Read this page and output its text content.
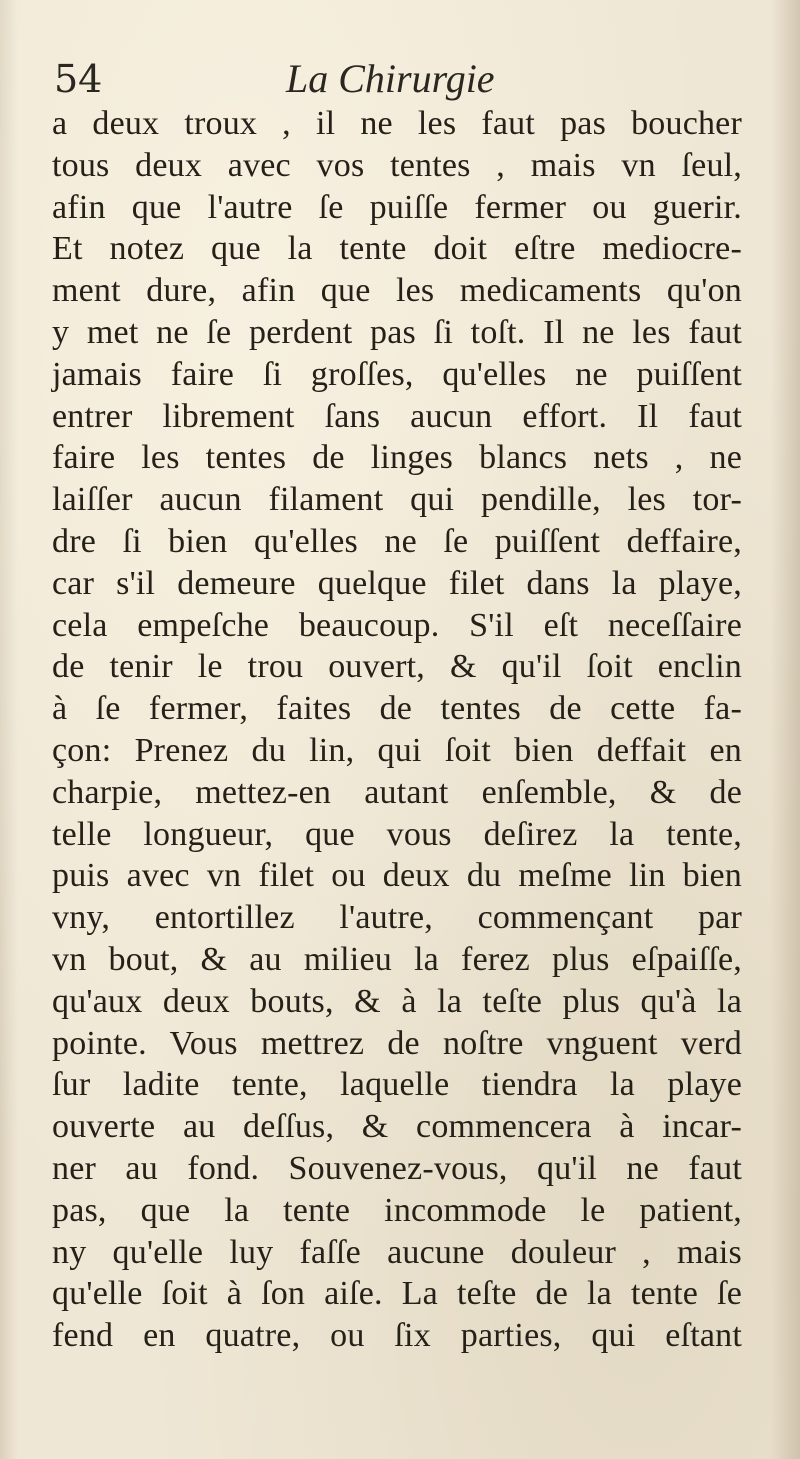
54	La Chirurgie
a deux troux , il ne les faut pas boucher
tous deux avec vos tentes , mais vn ſeul,
afin que l'autre ſe puiſſe fermer ou guerir.
Et notez que la tente doit eſtre mediocre-
ment dure, afin que les medicaments qu'on
y met ne ſe perdent pas ſi toſt. Il ne les faut
jamais faire ſi groſſes, qu'elles ne puiſſent
entrer librement ſans aucun effort. Il faut
faire les tentes de linges blancs nets , ne
laiſſer aucun filament qui pendille, les tor-
dre ſi bien qu'elles ne ſe puiſſent deffaire,
car s'il demeure quelque filet dans la playe,
cela empeſche beaucoup. S'il eſt neceſſaire
de tenir le trou ouvert, & qu'il ſoit enclin
à ſe fermer, faites de tentes de cette fa-
çon: Prenez du lin, qui ſoit bien deffait en
charpie, mettez-en autant enſemble, & de
telle longueur, que vous deſirez la tente,
puis avec vn filet ou deux du meſme lin bien
vny, entortillez l'autre, commençant par
vn bout, & au milieu la ferez plus eſpaiſſe,
qu'aux deux bouts, & à la teſte plus qu'à la
pointe. Vous mettrez de noſtre vnguent verd
ſur ladite tente, laquelle tiendra la playe
ouverte au deſſus, & commencera à incar-
ner au fond. Souvenez-vous, qu'il ne faut
pas, que la tente incommode le patient,
ny qu'elle luy faſſe aucune douleur , mais
qu'elle ſoit à ſon aiſe. La teſte de la tente ſe
fend en quatre, ou ſix parties, qui eſtant
